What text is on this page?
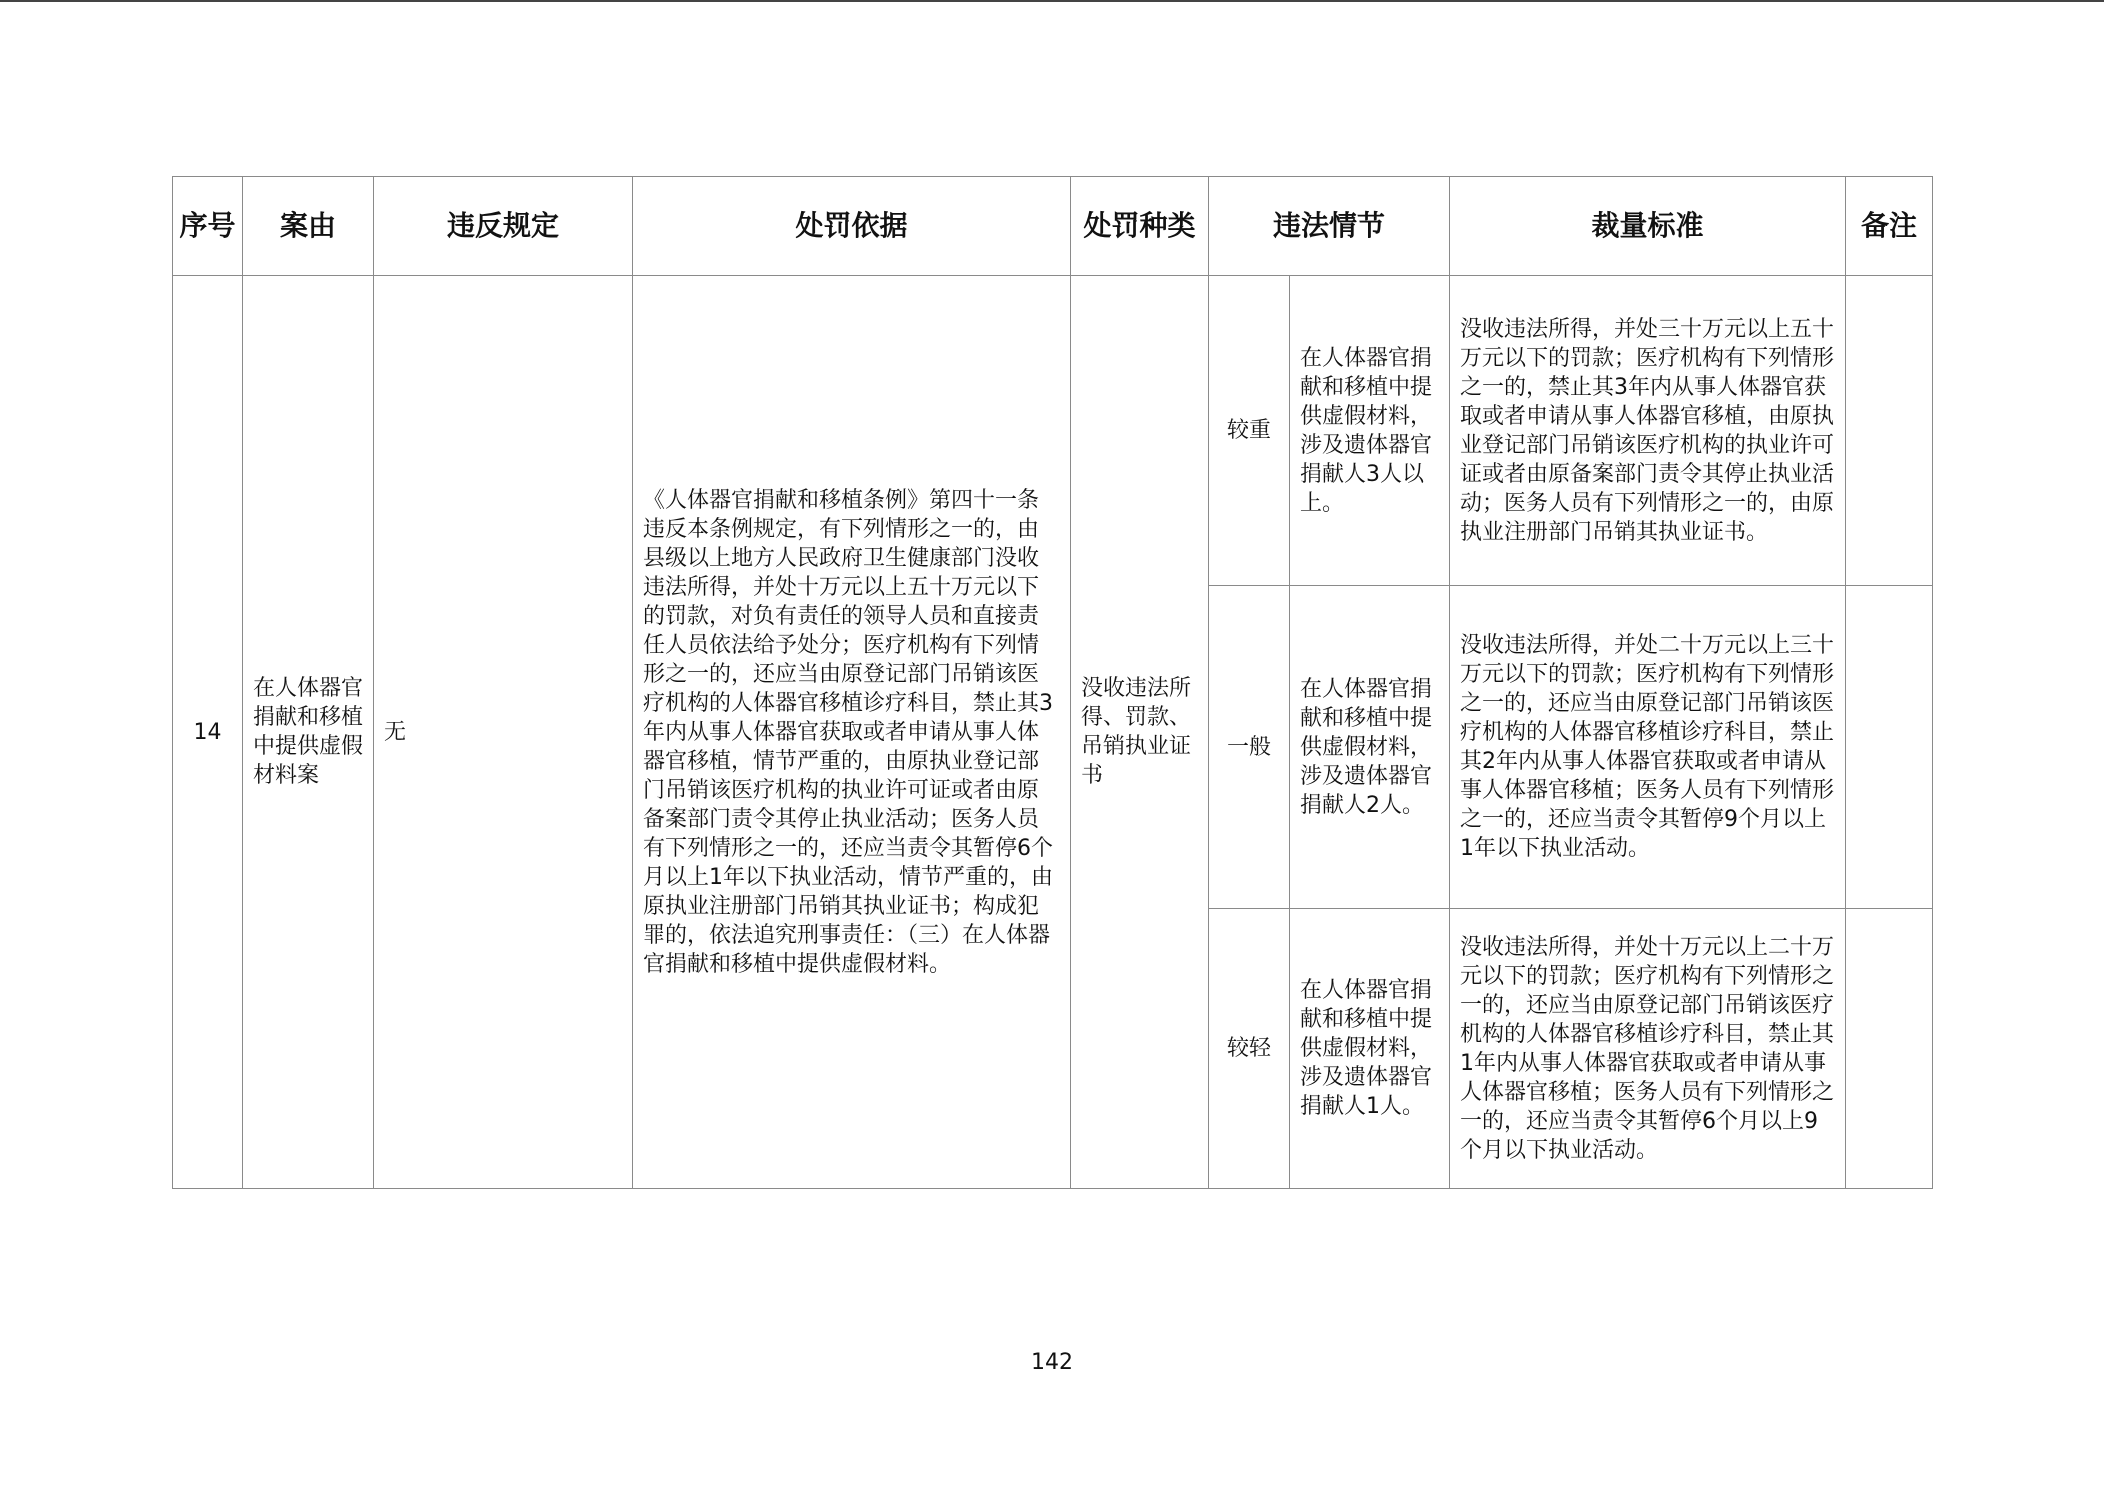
序号	案由	违反规定	处罚依据	处罚种类	违法情节		裁量标准	备注
14	在人体器官捐献和移植中提供虚假材料案	无	《人体器官捐献和移植条例》第四十一条违反本条例规定，有下列情形之一的，由县级以上地方人民政府卫生健康部门没收违法所得，并处十万元以上五十万元以下的罚款，对负有责任的领导人员和直接责任人员依法给予处分；医疗机构有下列情形之一的，还应当由原登记部门吊销该医疗机构的人体器官移植诊疗科目，禁止其3年内从事人体器官获取或者申请从事人体器官移植，情节严重的，由原执业登记部门吊销该医疗机构的执业许可证或者由原备案部门责令其停止执业活动；医务人员有下列情形之一的，还应当责令其暂停6个月以上1年以下执业活动，情节严重的，由原执业注册部门吊销其执业证书；构成犯罪的，依法追究刑事责任：（三）在人体器官捐献和移植中提供虚假材料。	没收违法所得、罚款、吊销执业证书	较重	在人体器官捐献和移植中提供虚假材料，涉及遗体器官捐献人3人以上。	没收违法所得，并处三十万元以上五十万元以下的罚款；医疗机构有下列情形之一的，禁止其3年内从事人体器官获取或者申请从事人体器官移植，由原执业登记部门吊销该医疗机构的执业许可证或者由原备案部门责令其停止执业活动；医务人员有下列情形之一的，由原执业注册部门吊销其执业证书。	
					一般	在人体器官捐献和移植中提供虚假材料，涉及遗体器官捐献人2人。	没收违法所得，并处二十万元以上三十万元以下的罚款；医疗机构有下列情形之一的，还应当由原登记部门吊销该医疗机构的人体器官移植诊疗科目，禁止其2年内从事人体器官获取或者申请从事人体器官移植；医务人员有下列情形之一的，还应当责令其暂停9个月以上1年以下执业活动。	
					较轻	在人体器官捐献和移植中提供虚假材料，涉及遗体器官捐献人1人。	没收违法所得，并处十万元以上二十万元以下的罚款；医疗机构有下列情形之一的，还应当由原登记部门吊销该医疗机构的人体器官移植诊疗科目，禁止其1年内从事人体器官获取或者申请从事人体器官移植；医务人员有下列情形之一的，还应当责令其暂停6个月以上9个月以下执业活动。	
142
